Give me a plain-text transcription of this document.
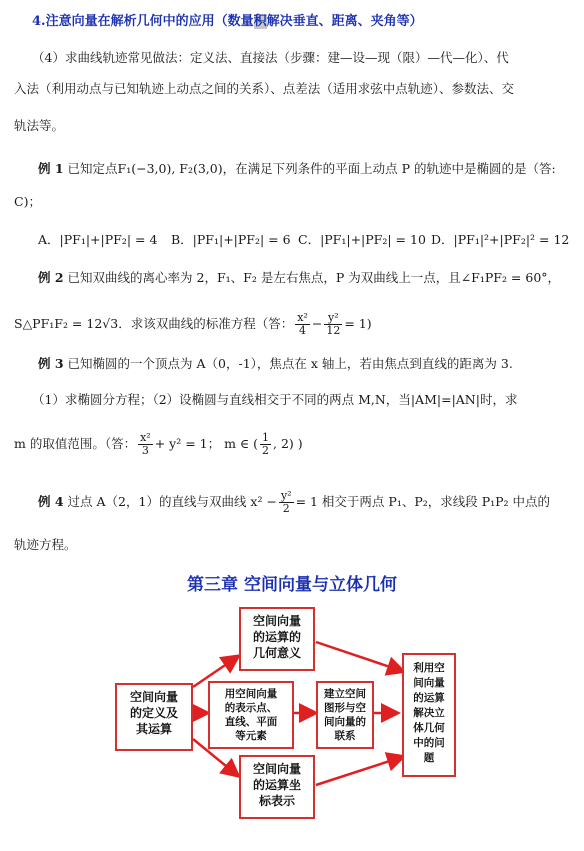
4.注意向量在解析几何中的应用（数量积解决垂直、距离、夹角等）
（4）求曲线轨迹常见做法：定义法、直接法（步骤：建—设—现（限）—代—化）、代
入法（利用动点与已知轨迹上动点之间的关系）、点差法（适用求弦中点轨迹）、参数法、交
轨法等。
例 1 已知定点F₁(−3,0), F₂(3,0)，在满足下列条件的平面上动点 P 的轨迹中是椭圆的是（答:
C)；
A．|PF₁|+|PF₂| = 4 B．|PF₁|+|PF₂| = 6 C．|PF₁|+|PF₂| = 10 D．|PF₁|²+|PF₂|² = 12
例 2 已知双曲线的离心率为 2，F₁、F₂ 是左右焦点，P 为双曲线上一点，且∠F₁PF₂ = 60°，
S△PF₁F₂ = 12√3．求该双曲线的标准方程（答： $\frac{\text{x²}}{4} - \frac{\text{y²}}{12} = 1$)
例 3 已知椭圆的一个顶点为 A（0，-1），焦点在 x 轴上，若由焦点到直线的距离为 3.
（1）求椭圆分方程；（2）设椭圆与直线相交于不同的两点 M,N，当|AM|=|AN|时，求
m 的取值范围。（答： $\frac{\text{x²}}{3} + y^2 = 1$； m ∈ ( $\frac{1}{2}$ , 2) )
例 4 过点 A（2，1）的直线与双曲线 $x^2 - \frac{\text{y²}}{2} = 1$ 相交于两点 P₁、P₂，求线段 P₁P₂ 中点的
轨迹方程。
第三章 空间向量与立体几何
空间向量
的定义及
其运算
空间向量
的运算的
几何意义
用空间向量
的表示点、
直线、平面
等元素
空间向量
的运算坐
标表示
建立空间
图形与空
间向量的
联系
利用空
间向量
的运算
解决立
体几何
中的问
题
